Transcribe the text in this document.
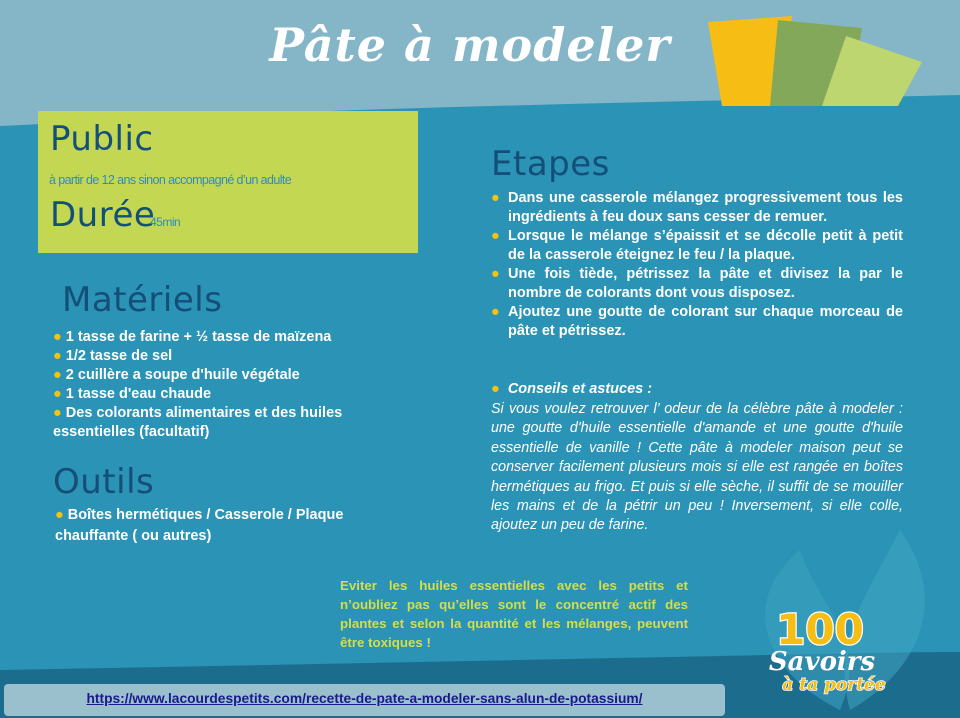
Pâte à modeler
Public
à partir de 12 ans sinon accompagné d’un adulte
Durée
45min
Matériels
● 1 tasse de farine + ½ tasse de maïzena
● 1/2 tasse de sel
● 2 cuillère a soupe d'huile végétale
● 1 tasse d'eau chaude
● Des colorants alimentaires et des huiles essentielles (facultatif)
Outils
● Boîtes hermétiques / Casserole / Plaque chauffante ( ou autres)
Etapes
● Dans une casserole mélangez progressivement tous les ingrédients à feu doux sans cesser de remuer.
● Lorsque le mélange s’épaissit et se décolle petit à petit de la casserole éteignez le feu / la plaque.
● Une fois tiède, pétrissez la pâte et divisez la par le nombre de colorants dont vous disposez.
● Ajoutez une goutte de colorant sur chaque morceau de pâte et pétrissez.
● Conseils et astuces :
Si vous voulez retrouver l’ odeur de la célèbre pâte à modeler : une goutte d'huile essentielle d'amande et une goutte d'huile essentielle de vanille ! Cette pâte à modeler maison peut se conserver facilement plusieurs mois si elle est rangée en boîtes hermétiques au frigo. Et puis si elle sèche, il suffit de se mouiller les mains et de la pétrir un peu ! Inversement, si elle colle, ajoutez un peu de farine.
Eviter les huiles essentielles avec les petits et n’oubliez pas qu’elles sont le concentré actif des plantes et selon la quantité et les mélanges, peuvent être toxiques !	100
Savoirs
à ta portée
https://www.lacourdespetits.com/recette-de-pate-a-modeler-sans-alun-de-potassium/
